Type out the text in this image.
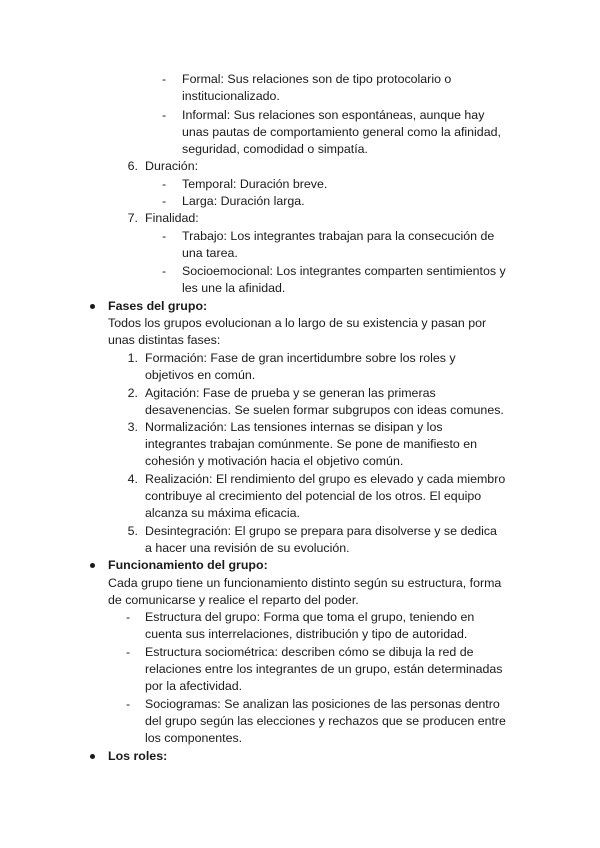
- Formal: Sus relaciones son de tipo protocolario o
institucionalizado.
- Informal: Sus relaciones son espontáneas, aunque hay
unas pautas de comportamiento general como la afinidad,
seguridad, comodidad o simpatía.
6. Duración:
- Temporal: Duración breve.
- Larga: Duración larga.
7. Finalidad:
- Trabajo: Los integrantes trabajan para la consecución de
una tarea.
- Socioemocional: Los integrantes comparten sentimientos y
les une la afinidad.
Fases del grupo:
Todos los grupos evolucionan a lo largo de su existencia y pasan por
unas distintas fases:
1. Formación: Fase de gran incertidumbre sobre los roles y
objetivos en común.
2. Agitación: Fase de prueba y se generan las primeras
desavenencias. Se suelen formar subgrupos con ideas comunes.
3. Normalización: Las tensiones internas se disipan y los
integrantes trabajan comúnmente. Se pone de manifiesto en
cohesión y motivación hacia el objetivo común.
4. Realización: El rendimiento del grupo es elevado y cada miembro
contribuye al crecimiento del potencial de los otros. El equipo
alcanza su máxima eficacia.
5. Desintegración: El grupo se prepara para disolverse y se dedica
a hacer una revisión de su evolución.
Funcionamiento del grupo:
Cada grupo tiene un funcionamiento distinto según su estructura, forma
de comunicarse y realice el reparto del poder.
- Estructura del grupo: Forma que toma el grupo, teniendo en
cuenta sus interrelaciones, distribución y tipo de autoridad.
- Estructura sociométrica: describen cómo se dibuja la red de
relaciones entre los integrantes de un grupo, están determinadas
por la afectividad.
- Sociogramas: Se analizan las posiciones de las personas dentro
del grupo según las elecciones y rechazos que se producen entre
los componentes.
Los roles:
